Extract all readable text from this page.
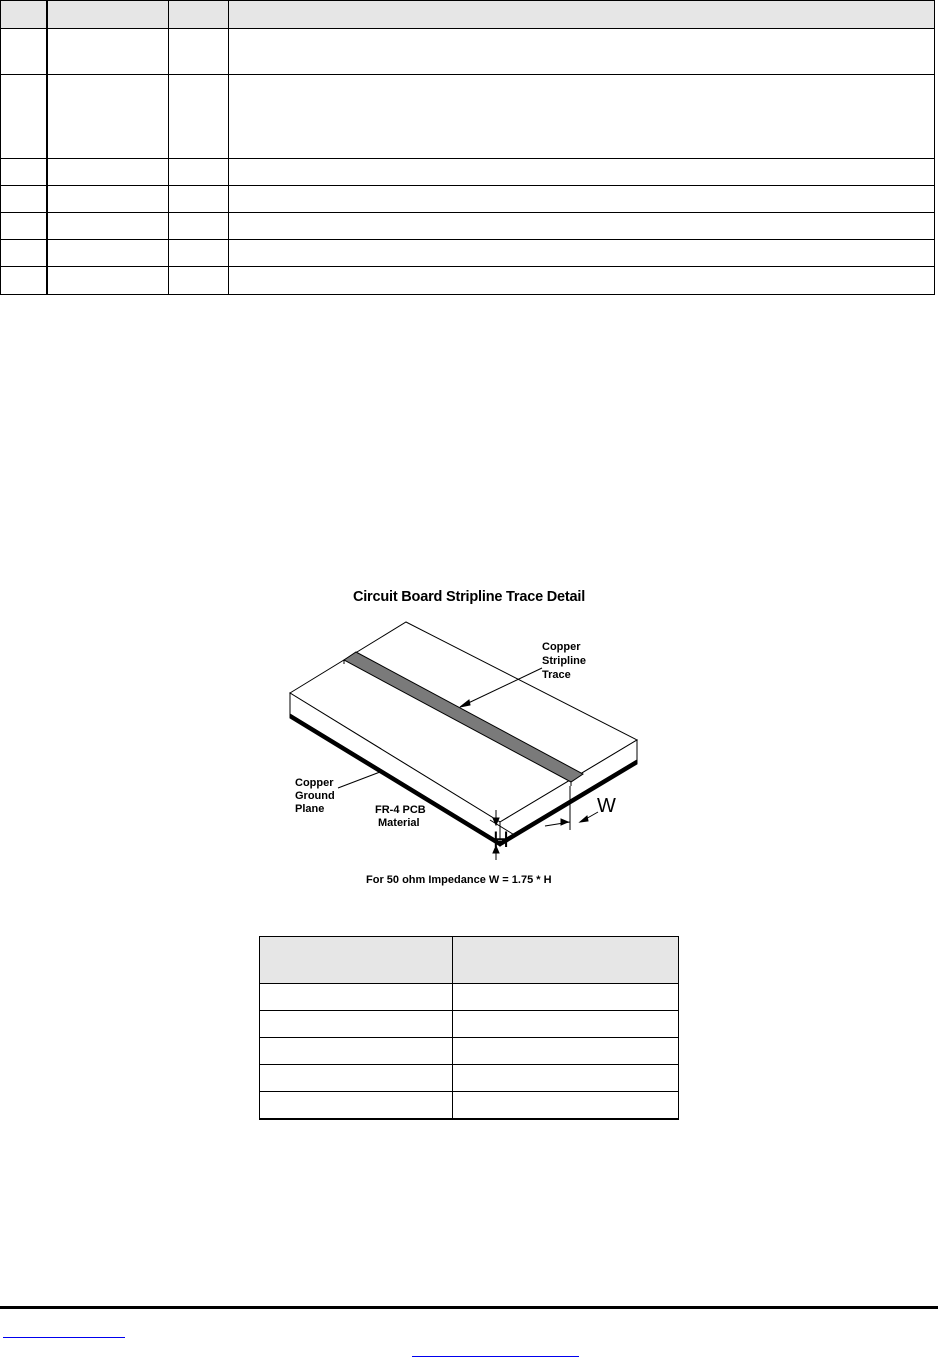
Circuit Board Stripline Trace Detail
Copper
Stripline
Trace
Copper
Ground
Plane	FR-4 PCB
Material
W
H
For 50 ohm Impedance W = 1.75 * H
